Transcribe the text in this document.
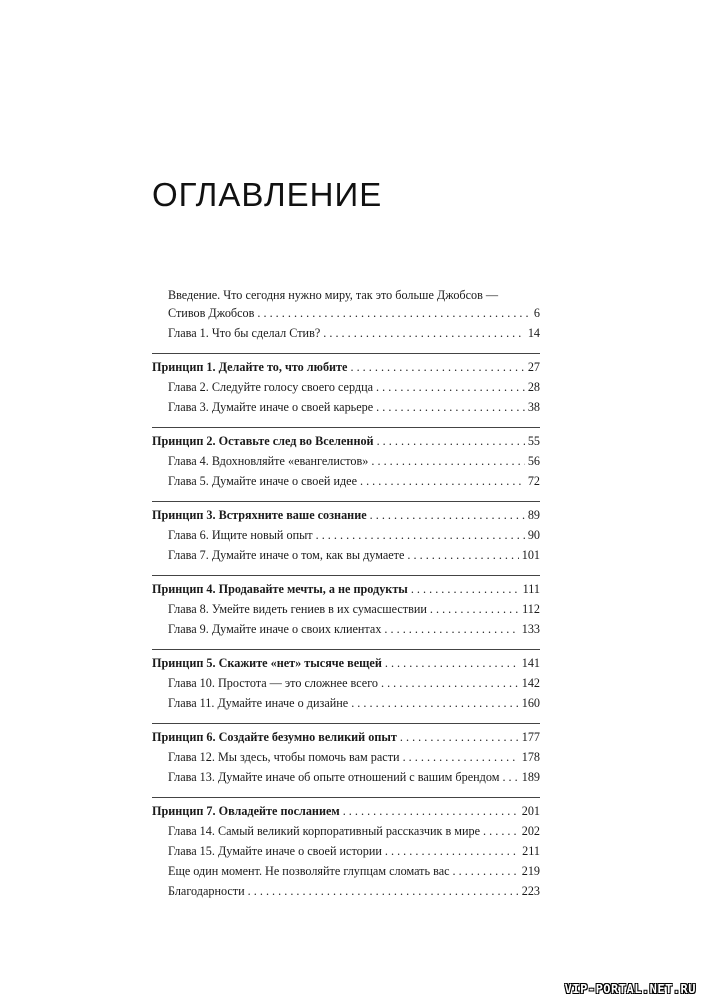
ОГЛАВЛЕНИЕ
Введение. Что сегодня нужно миру, так это больше Джобсов —
Стивов Джобсов . . .	6
Глава 1. Что бы сделал Стив? . . .	14
Принцип 1. Делайте то, что любите . . .	27
Глава 2. Следуйте голосу своего сердца . . .	28
Глава 3. Думайте иначе о своей карьере . . .	38
Принцип 2. Оставьте след во Вселенной . . .	55
Глава 4. Вдохновляйте «евангелистов» . . .	56
Глава 5. Думайте иначе о своей идее . . .	72
Принцип 3. Встряхните ваше сознание . . .	89
Глава 6. Ищите новый опыт . . .	90
Глава 7. Думайте иначе о том, как вы думаете . . .	101
Принцип 4. Продавайте мечты, а не продукты . . .	111
Глава 8. Умейте видеть гениев в их сумасшествии . . .	112
Глава 9. Думайте иначе о своих клиентах . . .	133
Принцип 5. Скажите «нет» тысяче вещей . . .	141
Глава 10. Простота — это сложнее всего . . .	142
Глава 11. Думайте иначе о дизайне . . .	160
Принцип 6. Создайте безумно великий опыт . . .	177
Глава 12. Мы здесь, чтобы помочь вам расти . . .	178
Глава 13. Думайте иначе об опыте отношений с вашим брендом . . . 189
Принцип 7. Овладейте посланием . . .	201
Глава 14. Самый великий корпоративный рассказчик в мире . . .	202
Глава 15. Думайте иначе о своей истории . . .	211
Еще один момент. Не позволяйте глупцам сломать вас . . .	219
Благодарности . . .	223
VIP-PORTAL.NET.RU
